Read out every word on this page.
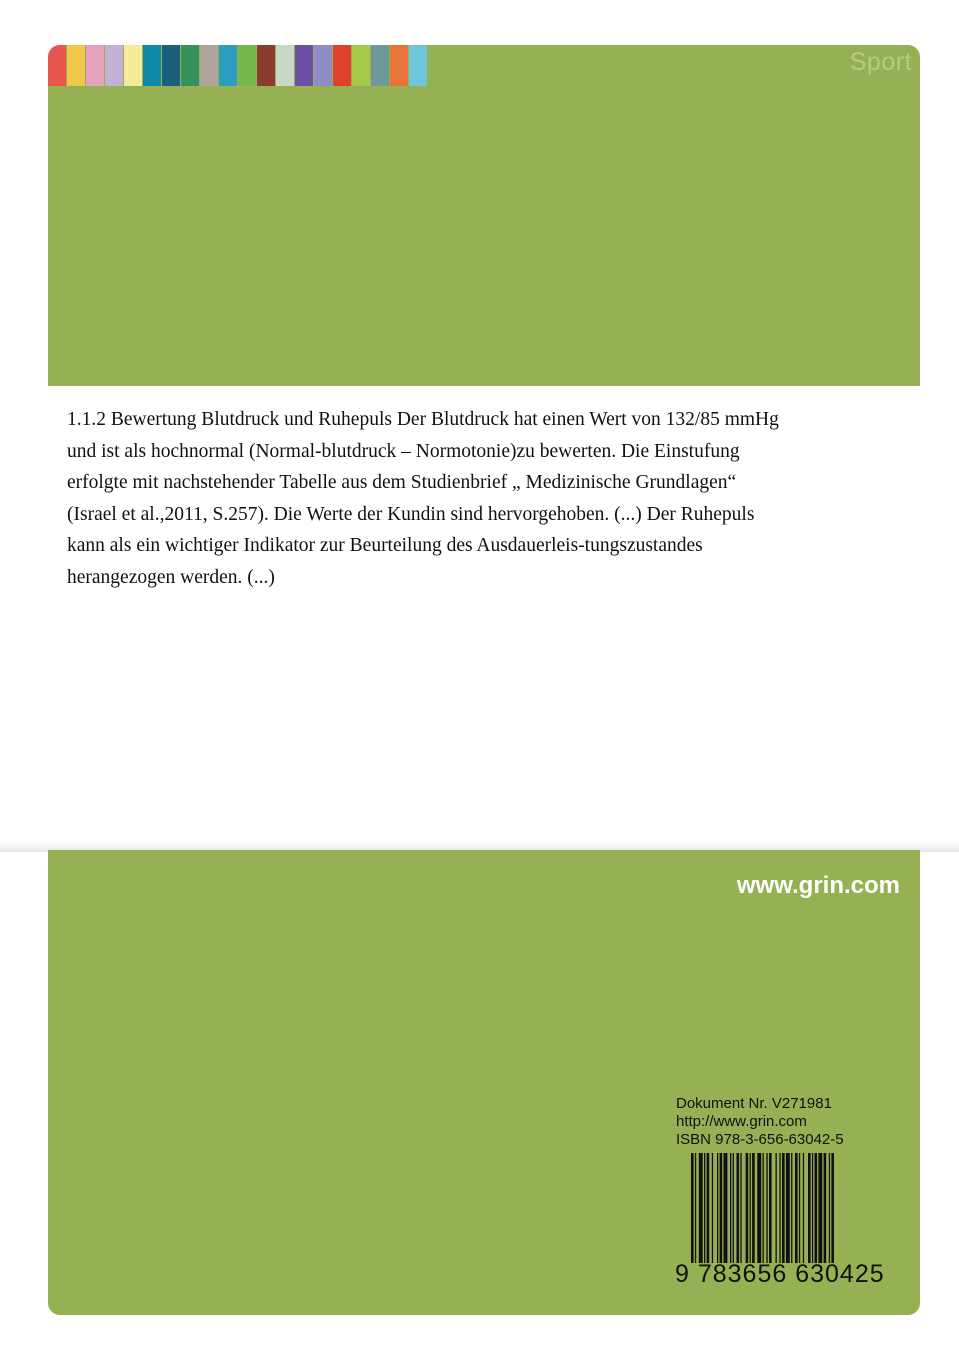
Sport

1.1.2 Bewertung Blutdruck und Ruhepuls Der Blutdruck hat einen Wert von 132/85 mmHg und ist als hochnormal (Normal-blutdruck – Normotonie)zu bewerten. Die Einstufung erfolgte mit nachstehender Tabelle aus dem Studienbrief „ Medizinische Grundlagen“ (Israel et al.,2011, S.257). Die Werte der Kundin sind hervorgehoben. (...) Der Ruhepuls kann als ein wichtiger Indikator zur Beurteilung des Ausdauerleis-tungszustandes herangezogen werden. (...)

www.grin.com
Dokument Nr. V271981
http://www.grin.com
ISBN 978-3-656-63042-5
9 783656 630425
